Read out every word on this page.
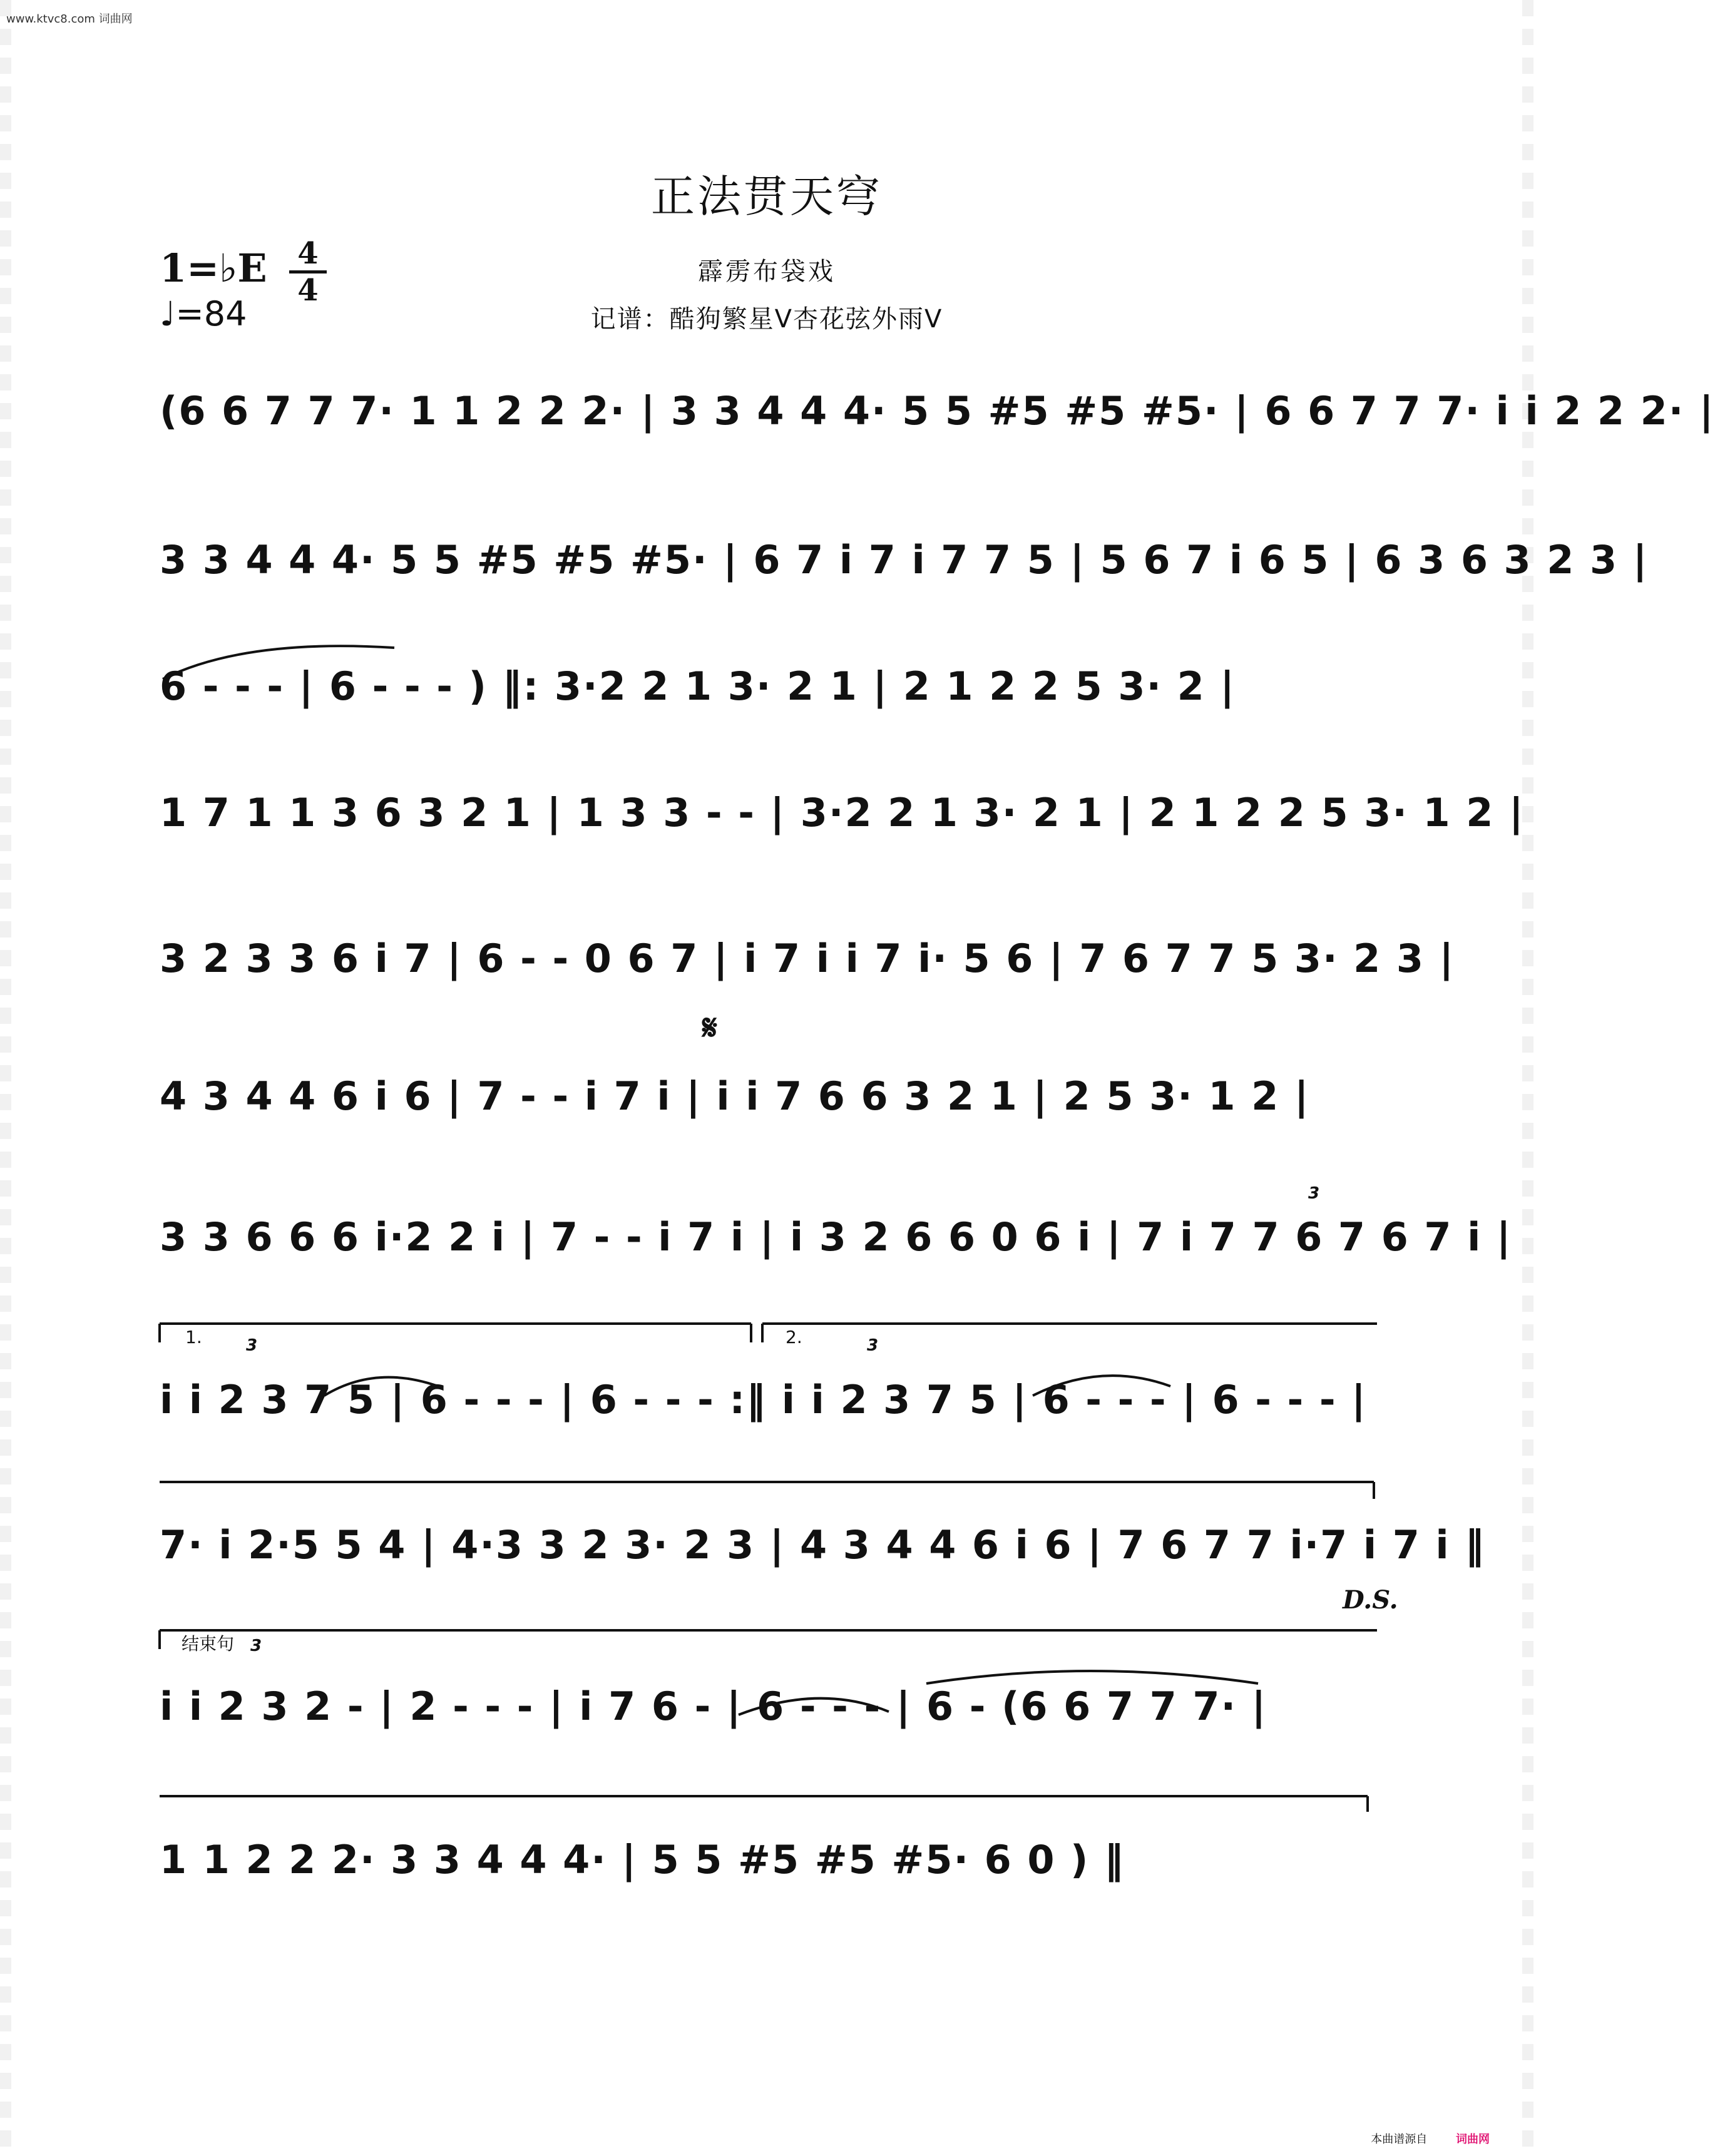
www.ktvc8.com 词曲网
正法贯天穹
霹雳布袋戏
记谱：酷狗繁星V杏花弦外雨V
1=♭E 4
4
♩=84
(6 6 7 7 7· 1 1 2 2 2· | 3 3 4 4 4· 5 5 #5 #5 #5· | 6 6 7 7 7· i i 2 2 2· |
3 3 4 4 4· 5 5 #5 #5 #5· | 6 7 i 7 i 7 7 5 | 5 6 7 i 6 5 | 6 3 6 3 2 3 |
6 - - - | 6 - - - ) ‖: 3·2 2 1 3· 2 1 | 2 1 2 2 5 3· 2 |
1 7 1 1 3 6 3 2 1 | 1 3 3 - - | 3·2 2 1 3· 2 1 | 2 1 2 2 5 3· 1 2 |
3 2 3 3 6 i 7 | 6 - - 0 6 7 | i 7 i i 7 i· 5 6 | 7 6 7 7 5 3· 2 3 |
4 3 4 4 6 i 6 | 7 - - i 7 i | i i 7 6 6 3 2 1 | 2 5 3· 1 2 |
3 3 6 6 6 i·2 2 i | 7 - - i 7 i | i 3 2 6 6 0 6 i | 7 i 7 7 6 7 6 7 i |
i i 2 3 7 5 | 6 - - - | 6 - - - :‖ i i 2 3 7 5 | 6 - - - | 6 - - - |
7· i 2·5 5 4 | 4·3 3 2 3· 2 3 | 4 3 4 4 6 i 6 | 7 6 7 7 i·7 i 7 i ‖
i i 2 3 2 - | 2 - - - | i 7 6 - | 6 - - - | 6 - (6 6 7 7 7· |
1 1 2 2 2· 3 3 4 4 4· | 5 5 #5 #5 #5· 6 0 ) ‖
𝄋
1.	2.
3
3	3
3
D.S.
结束句
本曲谱源自	词曲网
